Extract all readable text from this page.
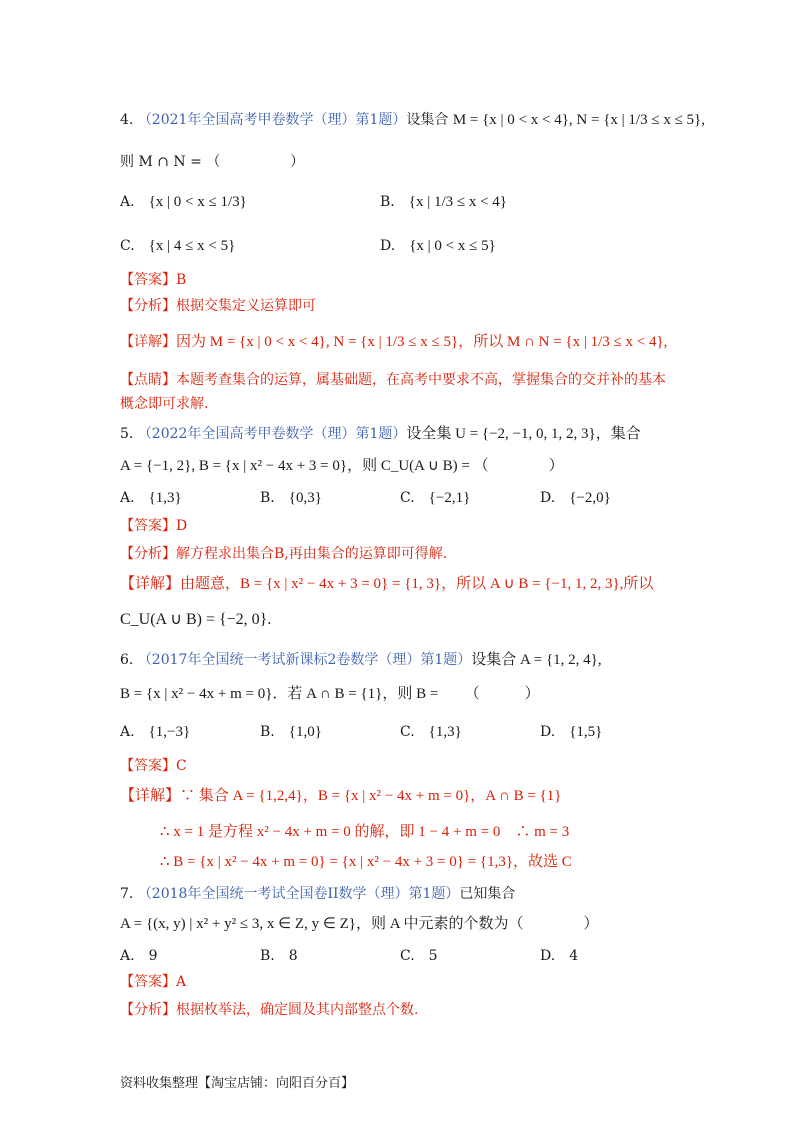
4. （2021年全国高考甲卷数学（理）第1题）设集合 M = {x | 0 < x < 4}, N = {x | 1/3 ≤ x ≤ 5},
则 M ∩ N = （　　　　　）
A.　 {x | 0 < x ≤ 1/3}	B.　 {x | 1/3 ≤ x < 4}
C.　 {x | 4 ≤ x < 5}	D.　 {x | 0 < x ≤ 5}
【答案】B
【分析】根据交集定义运算即可
【详解】因为 M = {x | 0 < x < 4}, N = {x | 1/3 ≤ x ≤ 5}，所以 M ∩ N = {x | 1/3 ≤ x < 4},
【点睛】本题考查集合的运算，属基础题，在高考中要求不高，掌握集合的交并补的基本
概念即可求解.
5. （2022年全国高考甲卷数学（理）第1题）设全集 U = {−2, −1, 0, 1, 2, 3}，集合
A = {−1, 2}, B = {x | x² − 4x + 3 = 0}，则 C_U(A ∪ B) = （　　　　）
A.　 {1,3}	B.　 {0,3}	C.　 {−2,1}	D.　 {−2,0}
【答案】D
【分析】解方程求出集合B,再由集合的运算即可得解.
【详解】由题意，B = {x | x² − 4x + 3 = 0} = {1, 3}，所以 A ∪ B = {−1, 1, 2, 3},所以
C_U(A ∪ B) = {−2, 0}.
6. （2017年全国统一考试新课标2卷数学（理）第1题）设集合 A = {1, 2, 4},
B = {x | x² − 4x + m = 0}．若 A ∩ B = {1}，则 B = 　　（　　　）
A.　 {1,−3}	B.　 {1,0}	C.　 {1,3}	D.　 {1,5}
【答案】C
【详解】∵ 集合 A = {1,2,4}，B = {x | x² − 4x + m = 0}，A ∩ B = {1}
∴ x = 1 是方程 x² − 4x + m = 0 的解，即 1 − 4 + m = 0　∴ m = 3
∴ B = {x | x² − 4x + m = 0} = {x | x² − 4x + 3 = 0} = {1,3}，故选 C
7. （2018年全国统一考试全国卷II数学（理）第1题）已知集合
A = {(x, y) | x² + y² ≤ 3, x ∈ Z, y ∈ Z}，则 A 中元素的个数为（　　　　）
A.　 9	B.　 8	C.　 5	D.　 4
【答案】A
【分析】根据枚举法，确定圆及其内部整点个数.
资料收集整理【淘宝店铺：向阳百分百】
